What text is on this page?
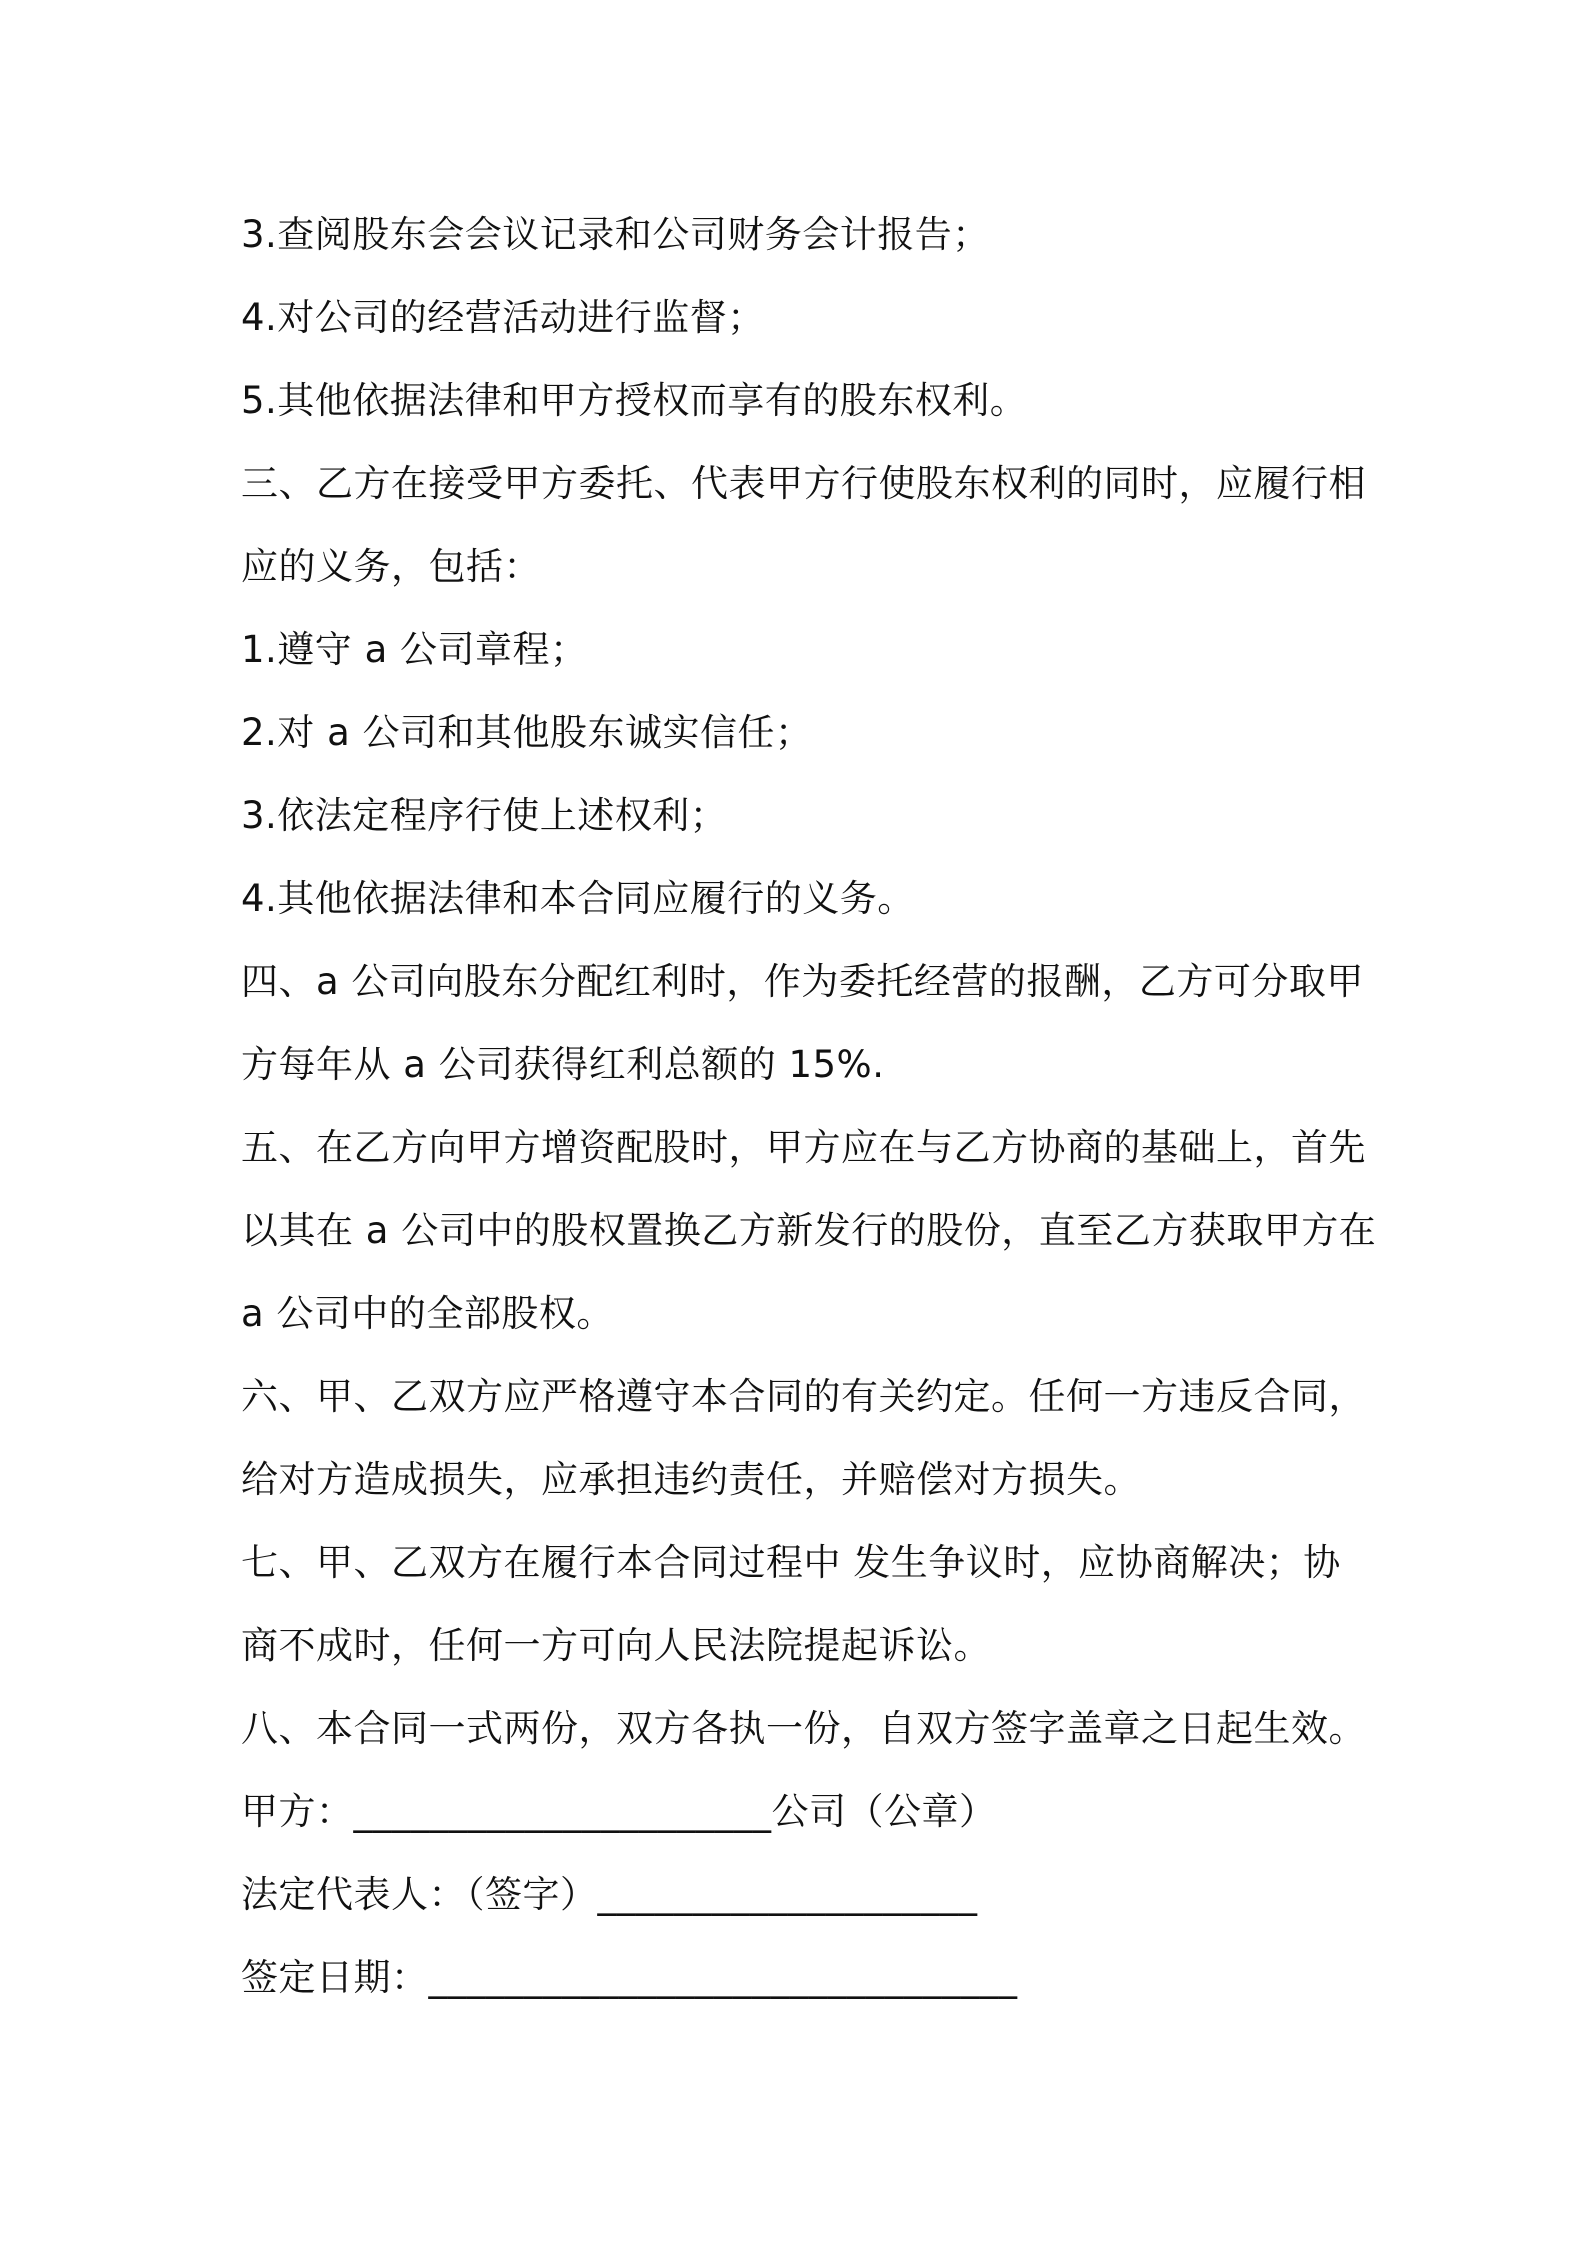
3.查阅股东会会议记录和公司财务会计报告；
4.对公司的经营活动进行监督；
5.其他依据法律和甲方授权而享有的股东权利。
三、乙方在接受甲方委托、代表甲方行使股东权利的同时，应履行相
应的义务，包括：
1.遵守 a 公司章程；
2.对 a 公司和其他股东诚实信任；
3.依法定程序行使上述权利；
4.其他依据法律和本合同应履行的义务。
四、a 公司向股东分配红利时，作为委托经营的报酬，乙方可分取甲
方每年从 a 公司获得红利总额的 15%.
五、在乙方向甲方增资配股时，甲方应在与乙方协商的基础上，首先
以其在 a 公司中的股权置换乙方新发行的股份，直至乙方获取甲方在
a 公司中的全部股权。
六、甲、乙双方应严格遵守本合同的有关约定。任何一方违反合同，
给对方造成损失，应承担违约责任，并赔偿对方损失。
七、甲、乙双方在履行本合同过程中 发生争议时，应协商解决；协
商不成时，任何一方可向人民法院提起诉讼。
八、本合同一式两份，双方各执一份，自双方签字盖章之日起生效。
甲方：______________________公司（公章）
法定代表人：（签字）____________________
签定日期：_______________________________
